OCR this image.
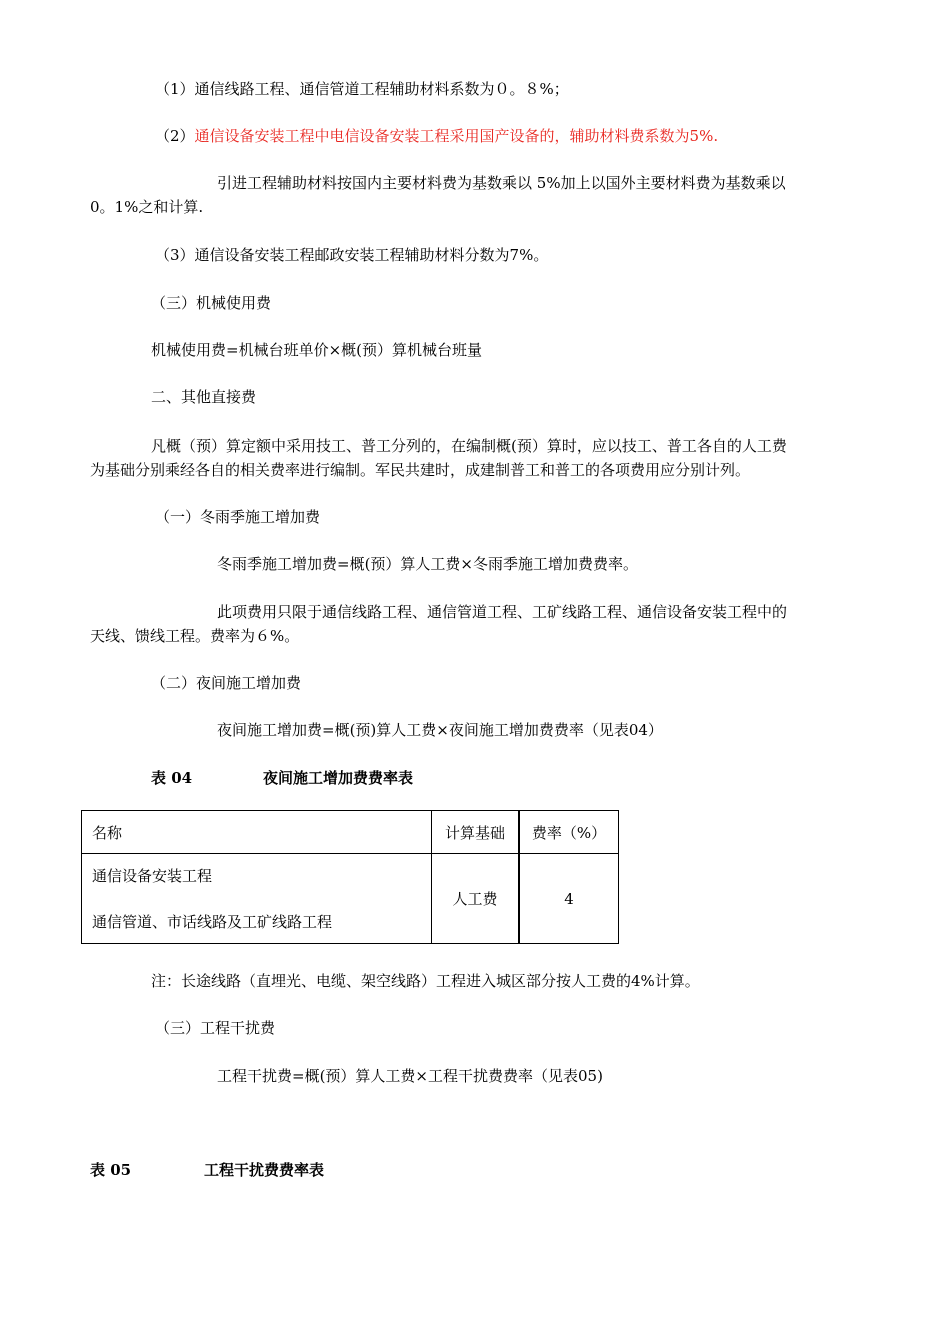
（1）通信线路工程、通信管道工程辅助材料系数为０。８%；
（2）通信设备安装工程中电信设备安装工程采用国产设备的，辅助材料费系数为5%.
引进工程辅助材料按国内主要材料费为基数乘以 5%加上以国外主要材料费为基数乘以
0。1%之和计算.
（3）通信设备安装工程邮政安装工程辅助材料分数为7%。
（三）机械使用费
机械使用费=机械台班单价×概(预）算机械台班量
二、其他直接费
凡概（预）算定额中采用技工、普工分列的，在编制概(预）算时，应以技工、普工各自的人工费
为基础分别乘经各自的相关费率进行编制。军民共建时，成建制普工和普工的各项费用应分别计列。
（一）冬雨季施工增加费
冬雨季施工增加费=概(预）算人工费×冬雨季施工增加费费率。
此项费用只限于通信线路工程、通信管道工程、工矿线路工程、通信设备安装工程中的
天线、馈线工程。费率为６%。
（二）夜间施工增加费
夜间施工增加费=概(预)算人工费×夜间施工增加费费率（见表04）
表 04	夜间施工增加费费率表
名称	计算基础	费率（%）

通信设备安装工程
通信管道、市话线路及工矿线路工程	人工费	4
注：长途线路（直埋光、电缆、架空线路）工程进入城区部分按人工费的4%计算。
（三）工程干扰费
工程干扰费=概(预）算人工费×工程干扰费费率（见表05)
表 05	工程干扰费费率表
